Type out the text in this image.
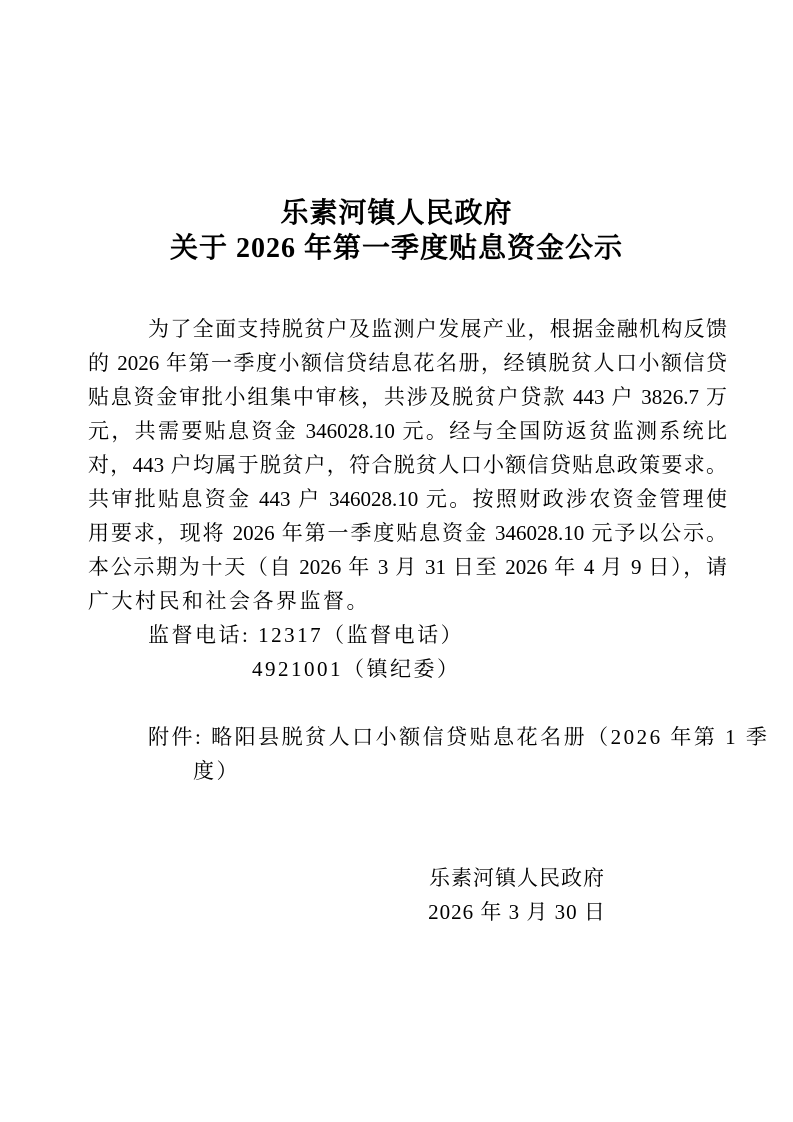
乐素河镇人民政府
关于 2026 年第一季度贴息资金公示
为了全面支持脱贫户及监测户发展产业，根据金融机构反馈
的 2026 年第一季度小额信贷结息花名册，经镇脱贫人口小额信贷
贴息资金审批小组集中审核，共涉及脱贫户贷款 443 户 3826.7 万
元，共需要贴息资金 346028.10 元。经与全国防返贫监测系统比
对，443 户均属于脱贫户，符合脱贫人口小额信贷贴息政策要求。
共审批贴息资金 443 户 346028.10 元。按照财政涉农资金管理使
用要求，现将 2026 年第一季度贴息资金 346028.10 元予以公示。
本公示期为十天（自 2026 年 3 月 31 日至 2026 年 4 月 9 日），请
广大村民和社会各界监督。
监督电话: 12317（监督电话）
4921001（镇纪委）
附件: 略阳县脱贫人口小额信贷贴息花名册（2026 年第 1 季
度）
乐素河镇人民政府
2026 年 3 月 30 日
